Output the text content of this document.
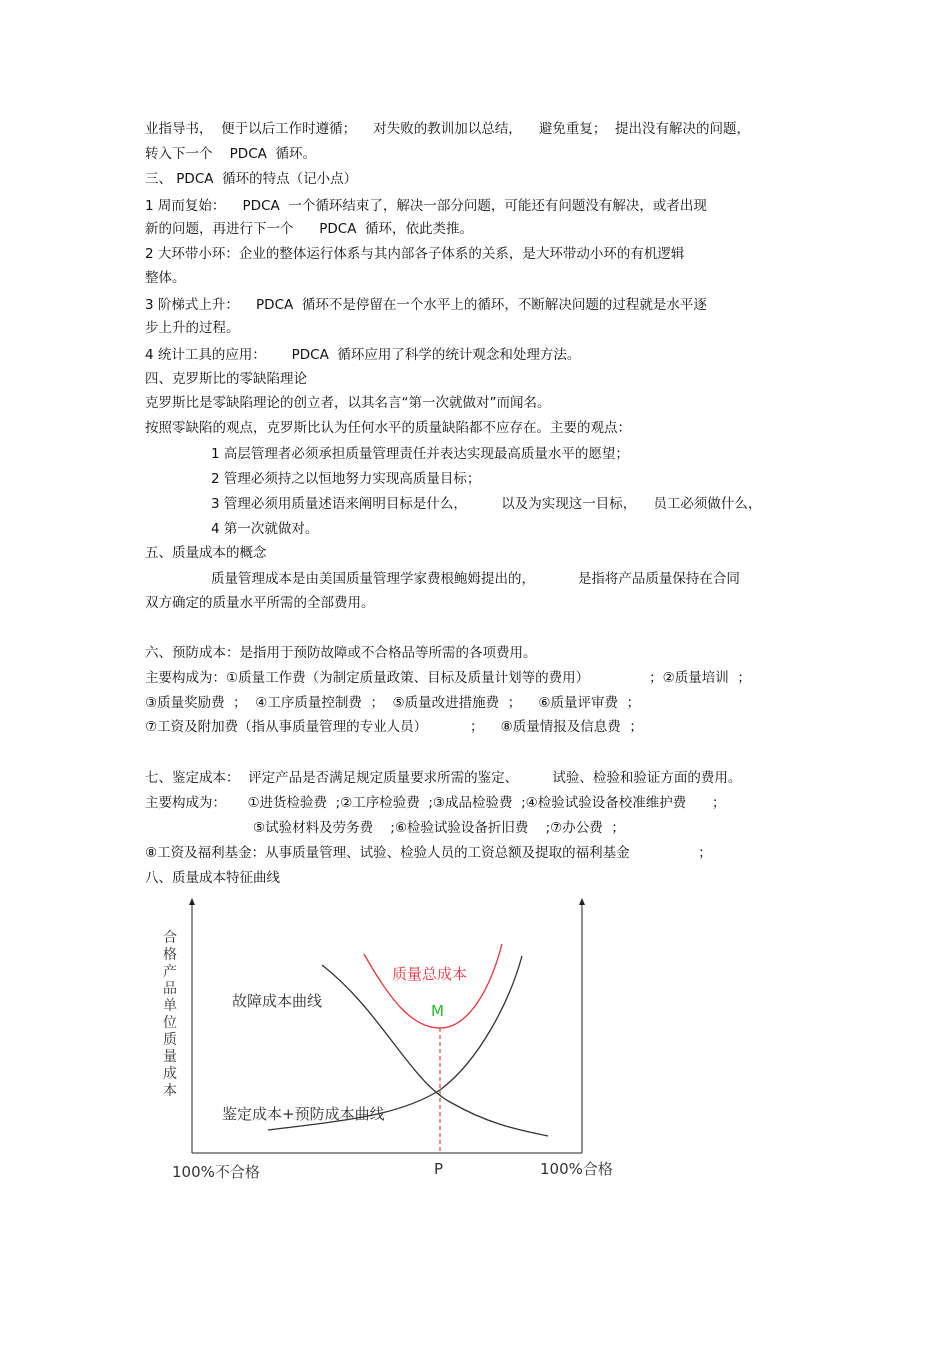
业指导书，  便于以后工作时遵循；    对失败的教训加以总结，    避免重复；  提出没有解决的问题，
转入下一个    PDCA  循环。
三、 PDCA  循环的特点（记小点）
1 周而复始：    PDCA  一个循环结束了，解决一部分问题，可能还有问题没有解决，或者出现
新的问题，再进行下一个      PDCA  循环，依此类推。
2 大环带小环：企业的整体运行体系与其内部各子体系的关系，是大环带动小环的有机逻辑
整体。
3 阶梯式上升：    PDCA  循环不是停留在一个水平上的循环，不断解决问题的过程就是水平逐
步上升的过程。
4 统计工具的应用：      PDCA  循环应用了科学的统计观念和处理方法。
四、克罗斯比的零缺陷理论
克罗斯比是零缺陷理论的创立者，以其名言“第一次就做对”而闻名。
按照零缺陷的观点，克罗斯比认为任何水平的质量缺陷都不应存在。主要的观点：
1 高层管理者必须承担质量管理责任并表达实现最高质量水平的愿望；
2 管理必须持之以恒地努力实现高质量目标；
3 管理必须用质量述语来阐明目标是什么，        以及为实现这一目标，    员工必须做什么，
4 第一次就做对。
五、质量成本的概念
质量管理成本是由美国质量管理学家费根鲍姆提出的，          是指将产品质量保持在合同
双方确定的质量水平所需的全部费用。
六、预防成本：是指用于预防故障或不合格品等所需的各项费用。
主要构成为：①质量工作费（为制定质量政策、目标及质量计划等的费用）              ；②质量培训  ；
③质量奖励费  ；  ④工序质量控制费  ；  ⑤质量改进措施费  ；    ⑥质量评审费  ；
⑦工资及附加费（指从事质量管理的专业人员）          ；    ⑧质量情报及信息费  ；
七、鉴定成本：  评定产品是否满足规定质量要求所需的鉴定、        试验、检验和验证方面的费用。
主要构成为：     ①进货检验费  ;②工序检验费  ;③成品检验费  ;④检验试验设备校准维护费      ；
⑤试验材料及劳务费    ;⑥检验试验设备折旧费    ;⑦办公费  ；
⑧工资及福利基金：从事质量管理、试验、检验人员的工资总额及提取的福利基金                ；
八、质量成本特征曲线
合 格 产 品 单 位 质 量 成 本
质量总成本
M
故障成本曲线
鉴定成本+预防成本曲线
100%不合格	P	100%合格
